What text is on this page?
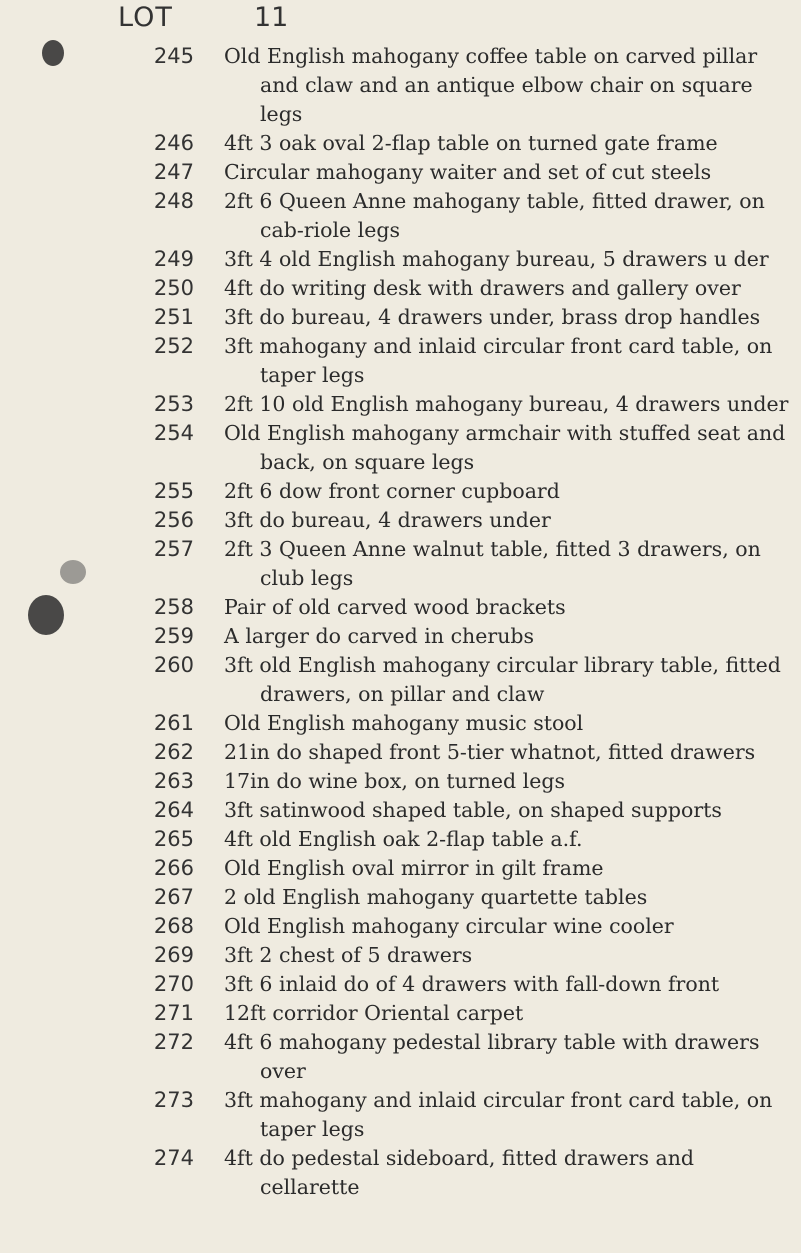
LOT	11
245	Old English mahogany coffee table on carved pillar and claw and an antique elbow chair on square legs
246	4ft 3 oak oval 2-flap table on turned gate frame
247	Circular mahogany waiter and set of cut steels
248	2ft 6 Queen Anne mahogany table, fitted drawer, on cab-riole legs
249	3ft 4 old English mahogany bureau, 5 drawers u der
250	4ft do writing desk with drawers and gallery over
251	3ft do bureau, 4 drawers under, brass drop handles
252	3ft mahogany and inlaid circular front card table, on taper legs
253	2ft 10 old English mahogany bureau, 4 drawers under
254	Old English mahogany armchair with stuffed seat and back, on square legs
255	2ft 6 dow front corner cupboard
256	3ft do bureau, 4 drawers under
257	2ft 3 Queen Anne walnut table, fitted 3 drawers, on club legs
258	Pair of old carved wood brackets
259	A larger do carved in cherubs
260	3ft old English mahogany circular library table, fitted drawers, on pillar and claw
261	Old English mahogany music stool
262	21in do shaped front 5-tier whatnot, fitted drawers
263	17in do wine box, on turned legs
264	3ft satinwood shaped table, on shaped supports
265	4ft old English oak 2-flap table a.f.
266	Old English oval mirror in gilt frame
267	2 old English mahogany quartette tables
268	Old English mahogany circular wine cooler
269	3ft 2 chest of 5 drawers
270	3ft 6 inlaid do of 4 drawers with fall-down front
271	12ft corridor Oriental carpet
272	4ft 6 mahogany pedestal library table with drawers over
273	3ft mahogany and inlaid circular front card table, on taper legs
274	4ft do pedestal sideboard, fitted drawers and cellarette
